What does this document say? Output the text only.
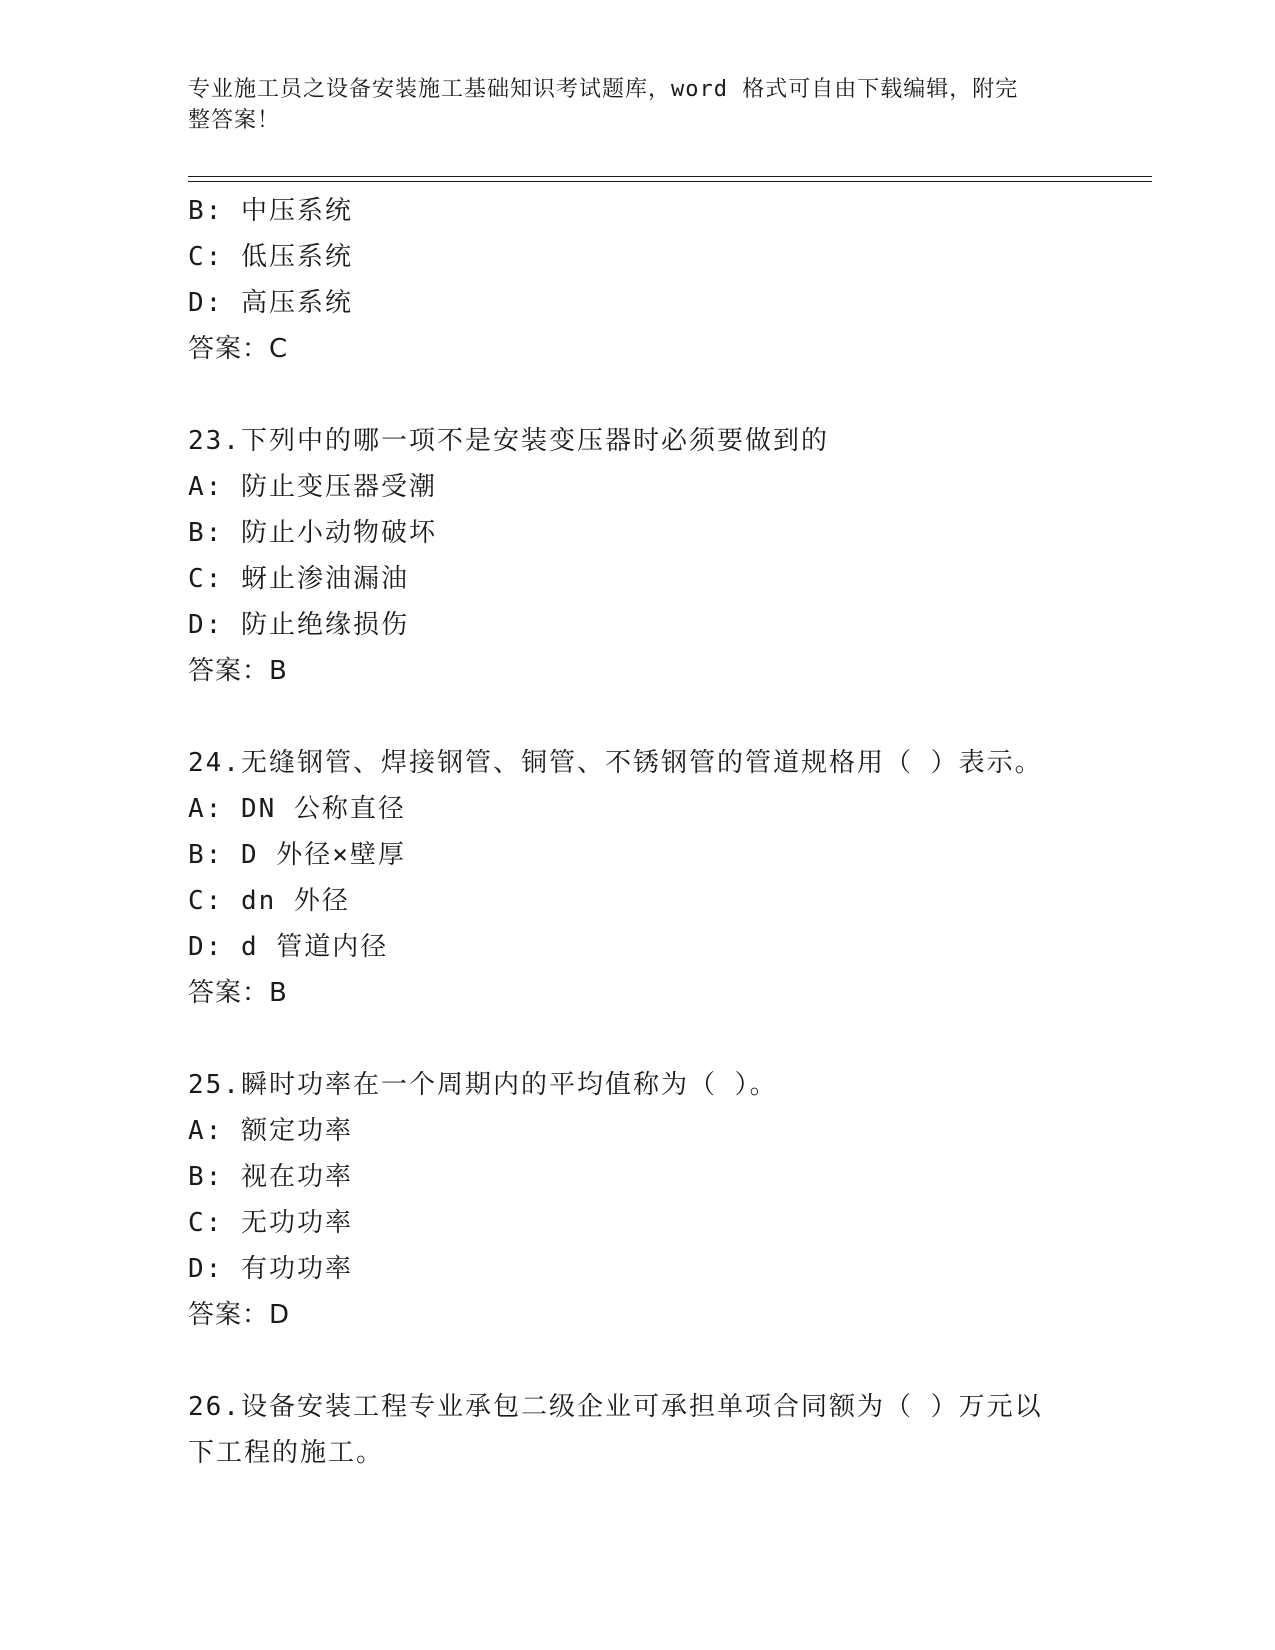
专业施工员之设备安装施工基础知识考试题库，word 格式可自由下载编辑，附完
整答案！
B: 中压系统
C: 低压系统
D: 高压系统
答案：C
23.下列中的哪一项不是安装变压器时必须要做到的
A: 防止变压器受潮
B: 防止小动物破坏
C: 蚜止渗油漏油
D: 防止绝缘损伤
答案：B
24.无缝钢管、焊接钢管、铜管、不锈钢管的管道规格用（ ）表示。
A: DN 公称直径
B: D 外径×壁厚
C: dn 外径
D: d 管道内径
答案：B
25.瞬时功率在一个周期内的平均值称为（ ）。
A: 额定功率
B: 视在功率
C: 无功功率
D: 有功功率
答案：D
26.设备安装工程专业承包二级企业可承担单项合同额为（ ）万元以
下工程的施工。
